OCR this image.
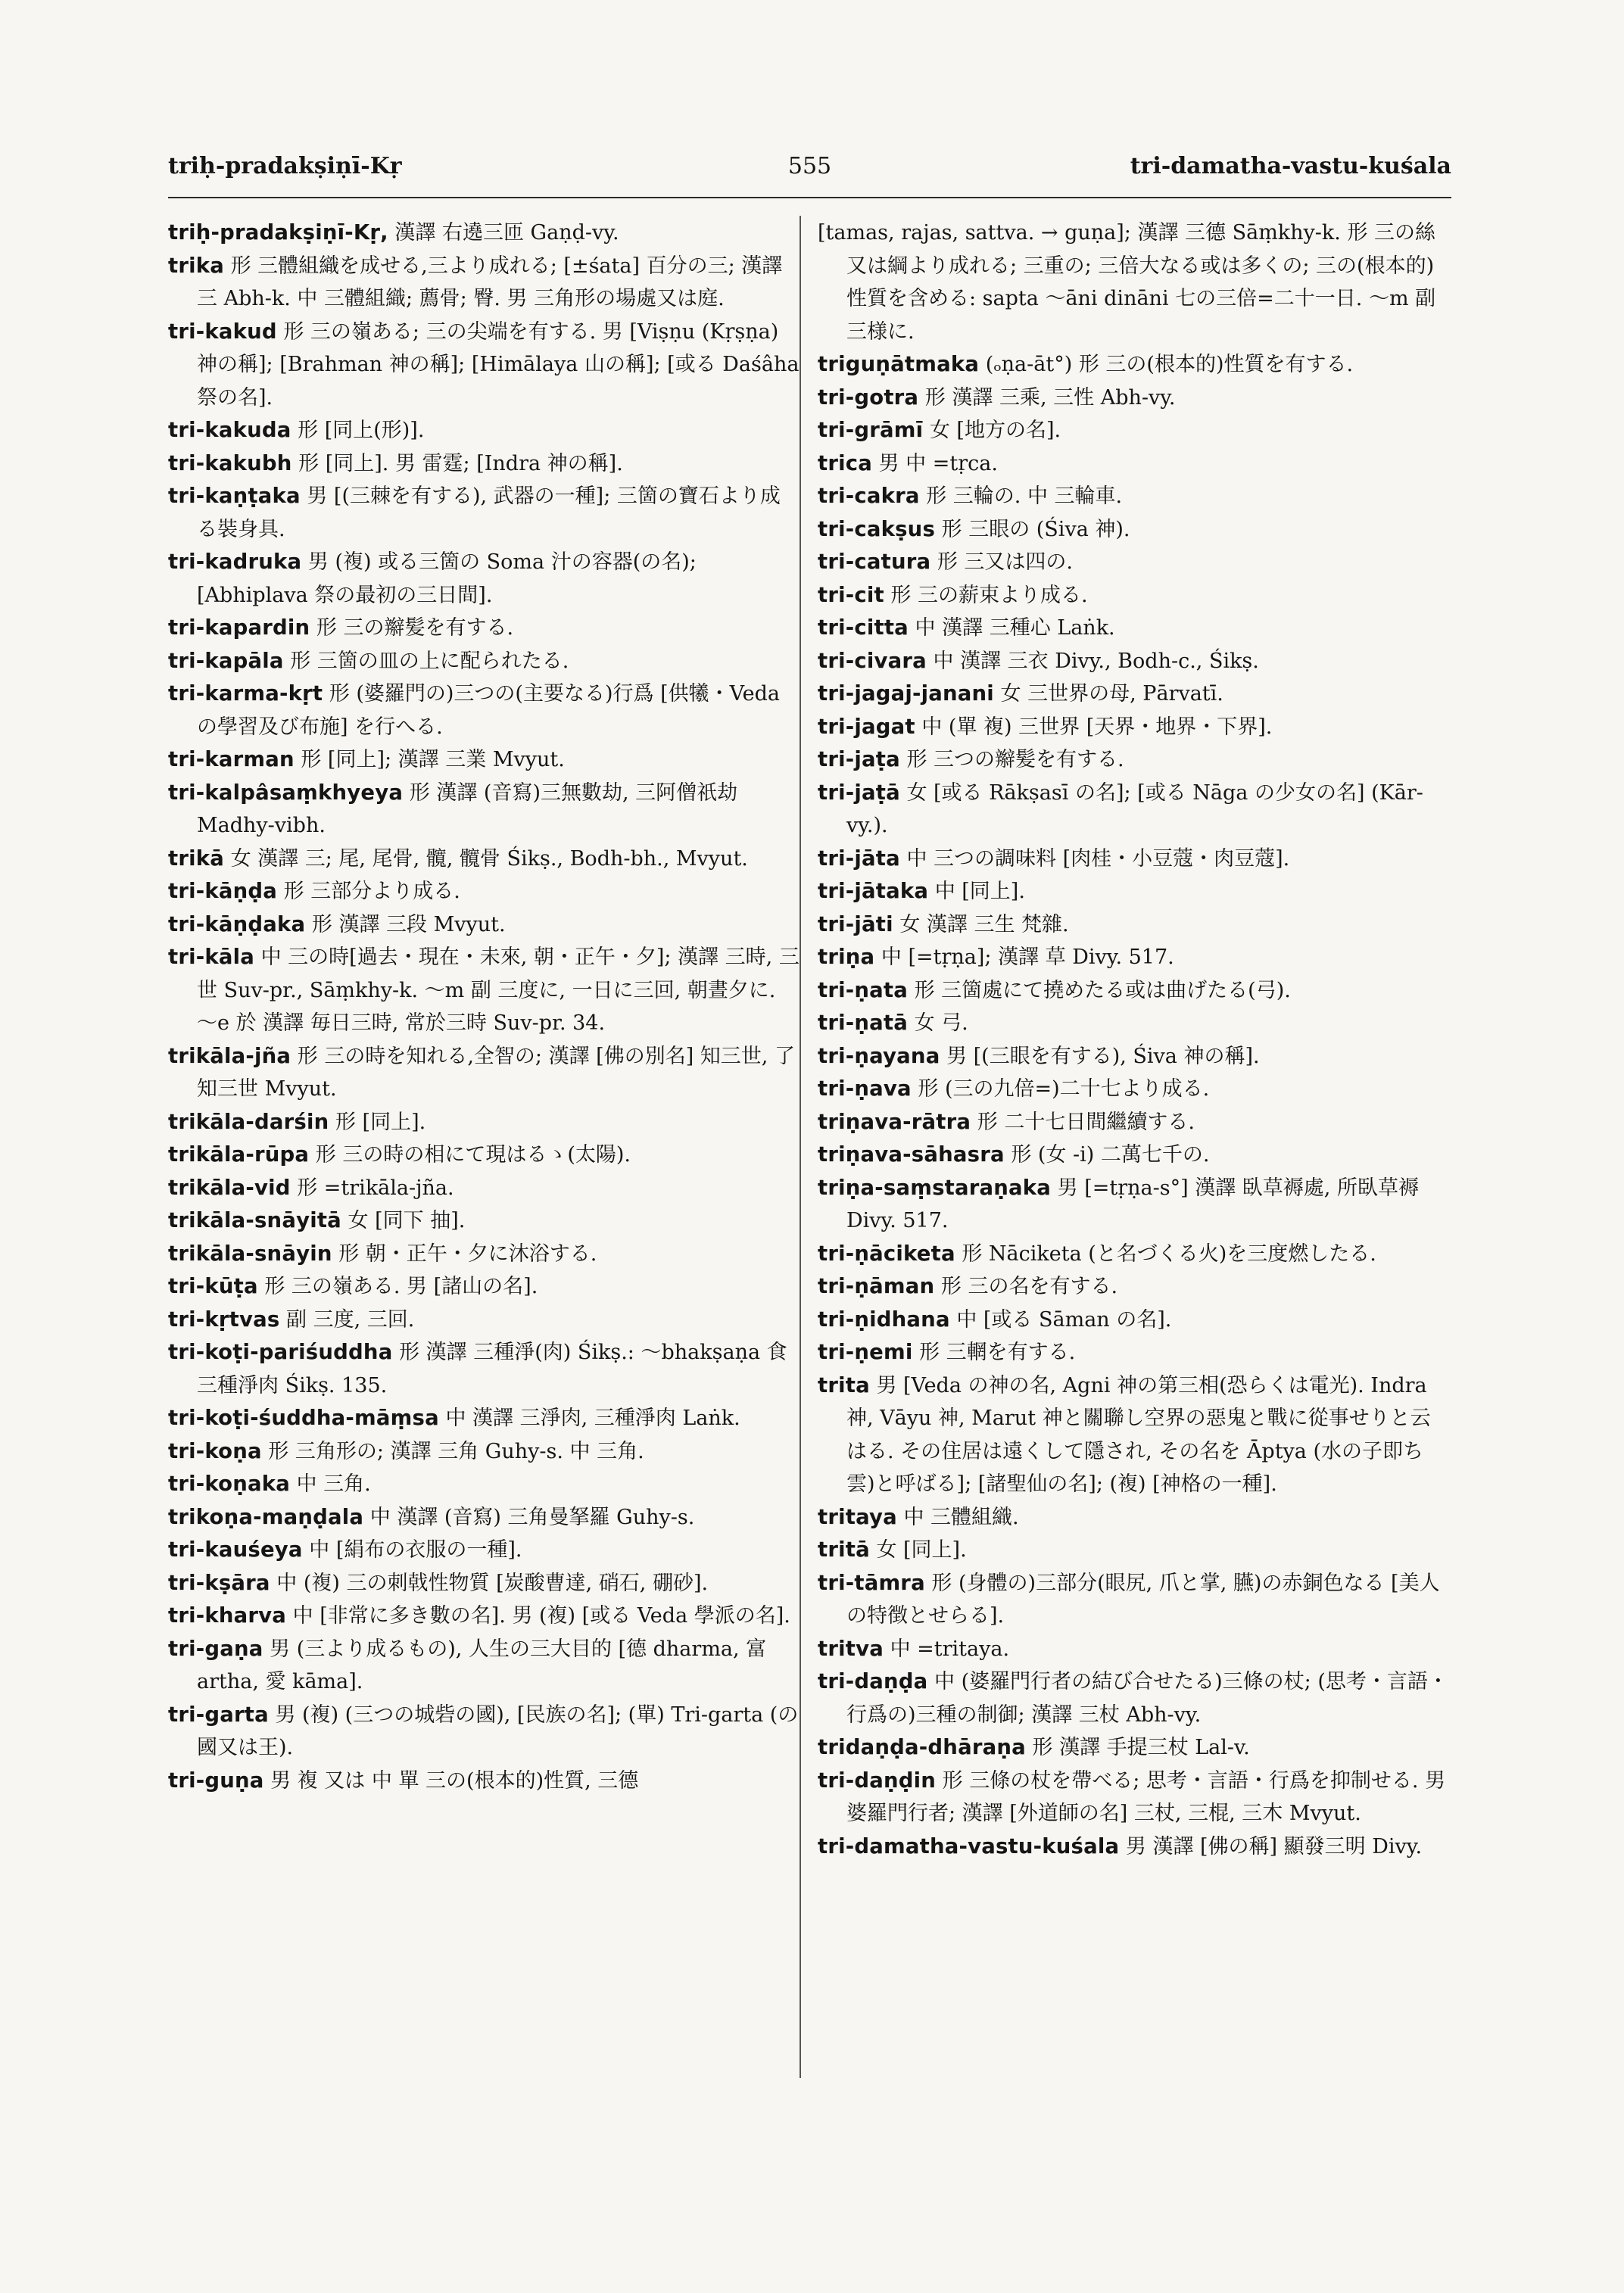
triḥ-pradakṣiṇī-Kṛ	555	tri-damatha-vastu-kuśala

triḥ-pradakṣiṇī-Kṛ, 漢譯 右遶三匝 Gaṇḍ-vy.

trika 形 三體組織を成せる,三より成れる; [±śata] 百分の三; 漢譯 三 Abh-k. 中 三體組織; 薦骨; 臀. 男 三角形の場處又は庭.

tri-kakud 形 三の嶺ある; 三の尖端を有する. 男 [Viṣṇu (Kṛṣṇa) 神の稱]; [Brahman 神の稱]; [Himālaya 山の稱]; [或る Daśâha 祭の名].

tri-kakuda 形 [同上(形)].

tri-kakubh 形 [同上]. 男 雷霆; [Indra 神の稱].

tri-kaṇṭaka 男 [(三棘を有する), 武器の一種]; 三箇の寶石より成る裝身具.

tri-kadruka 男 (複) 或る三箇の Soma 汁の容器(の名); [Abhiplava 祭の最初の三日間].

tri-kapardin 形 三の辮髪を有する.

tri-kapāla 形 三箇の皿の上に配られたる.

tri-karma-kṛt 形 (婆羅門の)三つの(主要なる)行爲 [供犧・Veda の學習及び布施] を行へる.

tri-karman 形 [同上]; 漢譯 三業 Mvyut.

tri-kalpâsaṃkhyeya 形 漢譯 (音寫)三無數劫, 三阿僧祇劫 Madhy-vibh.

trikā 女 漢譯 三; 尾, 尾骨, 髖, 髖骨 Śikṣ., Bodh-bh., Mvyut.

tri-kāṇḍa 形 三部分より成る.

tri-kāṇḍaka 形 漢譯 三段 Mvyut.

tri-kāla 中 三の時[過去・現在・未來, 朝・正午・夕]; 漢譯 三時, 三世 Suv-pr., Sāṃkhy-k. ～m 副 三度に, 一日に三回, 朝晝夕に. ～e 於 漢譯 毎日三時, 常於三時 Suv-pr. 34.

trikāla-jña 形 三の時を知れる,全智の; 漢譯 [佛の別名] 知三世, 了知三世 Mvyut.

trikāla-darśin 形 [同上].

trikāla-rūpa 形 三の時の相にて現はるゝ(太陽).

trikāla-vid 形 =trikāla-jña.

trikāla-snāyitā 女 [同下 抽].

trikāla-snāyin 形 朝・正午・夕に沐浴する.

tri-kūṭa 形 三の嶺ある. 男 [諸山の名].

tri-kṛtvas 副 三度, 三回.

tri-koṭi-pariśuddha 形 漢譯 三種淨(肉) Śikṣ.: ～bhakṣaṇa 食三種淨肉 Śikṣ. 135.

tri-koṭi-śuddha-māṃsa 中 漢譯 三淨肉, 三種淨肉 Laṅk.

tri-koṇa 形 三角形の; 漢譯 三角 Guhy-s. 中 三角.

tri-koṇaka 中 三角.

trikoṇa-maṇḍala 中 漢譯 (音寫) 三角曼拏羅 Guhy-s.

tri-kauśeya 中 [絹布の衣服の一種].

tri-kṣāra 中 (複) 三の刺戟性物質 [炭酸曹達, 硝石, 硼砂].

tri-kharva 中 [非常に多き數の名]. 男 (複) [或る Veda 學派の名].

tri-gaṇa 男 (三より成るもの), 人生の三大目的 [德 dharma, 富 artha, 愛 kāma].

tri-garta 男 (複) (三つの城砦の國), [民族の名]; (單) Tri-garta (の國又は王).

tri-guṇa 男 複 又は 中 單 三の(根本的)性質, 三德

[tamas, rajas, sattva. → guṇa]; 漢譯 三德 Sāṃkhy-k. 形 三の絲又は綱より成れる; 三重の; 三倍大なる或は多くの; 三の(根本的)性質を含める: sapta ～āni dināni 七の三倍=二十一日. ～m 副 三様に.

triguṇātmaka (ₒṇa-āt°) 形 三の(根本的)性質を有する.

tri-gotra 形 漢譯 三乘, 三性 Abh-vy.

tri-grāmī 女 [地方の名].

trica 男 中 =tṛca.

tri-cakra 形 三輪の. 中 三輪車.

tri-cakṣus 形 三眼の (Śiva 神).

tri-catura 形 三又は四の.

tri-cit 形 三の薪束より成る.

tri-citta 中 漢譯 三種心 Laṅk.

tri-civara 中 漢譯 三衣 Divy., Bodh-c., Śikṣ.

tri-jagaj-janani 女 三世界の母, Pārvatī.

tri-jagat 中 (單 複) 三世界 [天界・地界・下界].

tri-jaṭa 形 三つの辮髪を有する.

tri-jaṭā 女 [或る Rākṣasī の名]; [或る Nāga の少女の名] (Kār-vy.).

tri-jāta 中 三つの調味料 [肉桂・小豆蔻・肉豆蔻].

tri-jātaka 中 [同上].

tri-jāti 女 漢譯 三生 梵雜.

triṇa 中 [=tṛṇa]; 漢譯 草 Divy. 517.

tri-ṇata 形 三箇處にて撓めたる或は曲げたる(弓).

tri-ṇatā 女 弓.

tri-ṇayana 男 [(三眼を有する), Śiva 神の稱].

tri-ṇava 形 (三の九倍=)二十七より成る.

triṇava-rātra 形 二十七日間繼續する.

triṇava-sāhasra 形 (女 -i) 二萬七千の.

triṇa-saṃstaraṇaka 男 [=tṛṇa-s°] 漢譯 臥草褥處, 所臥草褥 Divy. 517.

tri-ṇāciketa 形 Nāciketa (と名づくる火)を三度燃したる.

tri-ṇāman 形 三の名を有する.

tri-ṇidhana 中 [或る Sāman の名].

tri-ṇemi 形 三輞を有する.

trita 男 [Veda の神の名, Agni 神の第三相(恐らくは電光). Indra 神, Vāyu 神, Marut 神と關聯し空界の惡鬼と戰に從事せりと云はる. その住居は遠くして隱され, その名を Āptya (水の子即ち雲)と呼ばる]; [諸聖仙の名]; (複) [神格の一種].

tritaya 中 三體組織.

tritā 女 [同上].

tri-tāmra 形 (身體の)三部分(眼尻, 爪と掌, 臙)の赤銅色なる [美人の特徴とせらる].

tritva 中 =tritaya.

tri-daṇḍa 中 (婆羅門行者の結び合せたる)三條の杖; (思考・言語・行爲の)三種の制御; 漢譯 三杖 Abh-vy.

tridaṇḍa-dhāraṇa 形 漢譯 手提三杖 Lal-v.

tri-daṇḍin 形 三條の杖を帶べる; 思考・言語・行爲を抑制せる. 男 婆羅門行者; 漢譯 [外道師の名] 三杖, 三棍, 三木 Mvyut.

tri-damatha-vastu-kuśala 男 漢譯 [佛の稱] 顯發三明 Divy.
